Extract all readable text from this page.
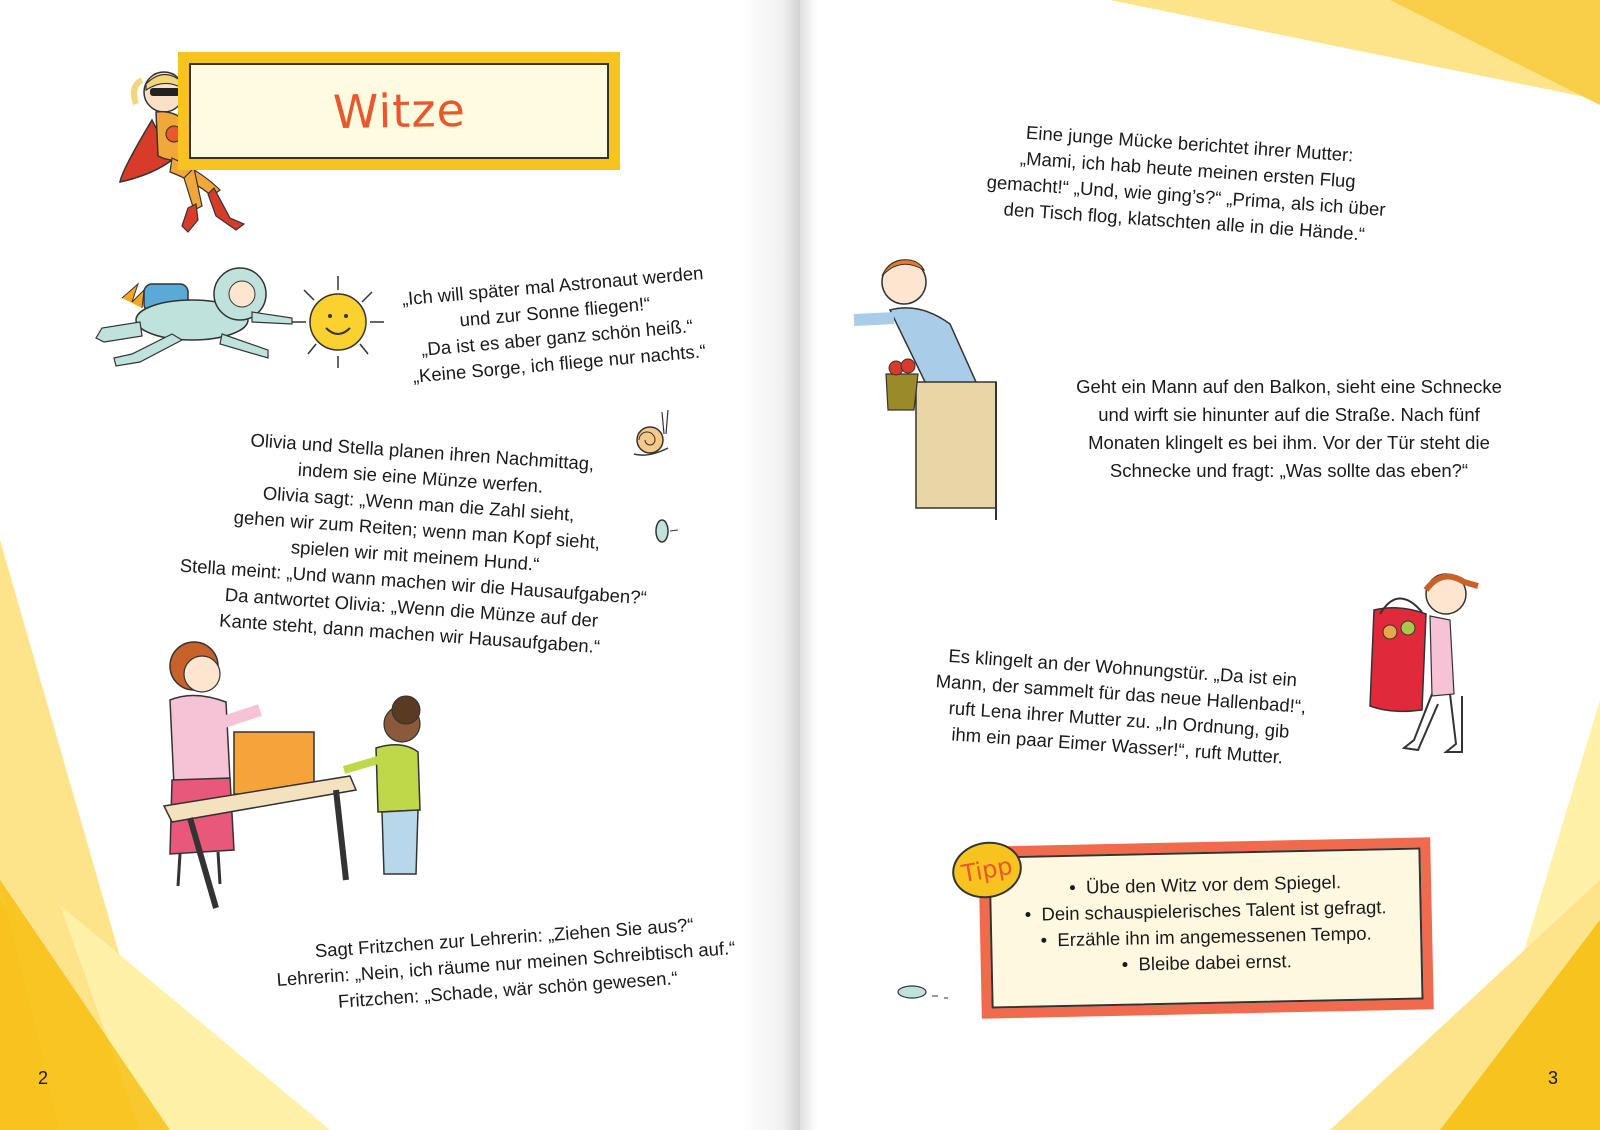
Witze

„Ich will später mal Astronaut werden
und zur Sonne fliegen!“
„Da ist es aber ganz schön heiß.“
„Keine Sorge, ich fliege nur nachts.“

Olivia und Stella planen ihren Nachmittag,
indem sie eine Münze werfen.
Olivia sagt: „Wenn man die Zahl sieht,
gehen wir zum Reiten; wenn man Kopf sieht,
spielen wir mit meinem Hund.“
Stella meint: „Und wann machen wir die Hausaufgaben?“
Da antwortet Olivia: „Wenn die Münze auf der
Kante steht, dann machen wir Hausaufgaben.“

Sagt Fritzchen zur Lehrerin: „Ziehen Sie aus?“
Lehrerin: „Nein, ich räume nur meinen Schreibtisch auf.“
Fritzchen: „Schade, wär schön gewesen.“

2

Eine junge Mücke berichtet ihrer Mutter:
„Mami, ich hab heute meinen ersten Flug
gemacht!“ „Und, wie ging’s?“ „Prima, als ich über
den Tisch flog, klatschten alle in die Hände.“

Geht ein Mann auf den Balkon, sieht eine Schnecke
und wirft sie hinunter auf die Straße. Nach fünf
Monaten klingelt es bei ihm. Vor der Tür steht die
Schnecke und fragt: „Was sollte das eben?“

Es klingelt an der Wohnungstür. „Da ist ein
Mann, der sammelt für das neue Hallenbad!“,
ruft Lena ihrer Mutter zu. „In Ordnung, gib
ihm ein paar Eimer Wasser!“, ruft Mutter.

•  Übe den Witz vor dem Spiegel.
•  Dein schauspielerisches Talent ist gefragt.
•  Erzähle ihn im angemessenen Tempo.
•  Bleibe dabei ernst.
Tipp
3
